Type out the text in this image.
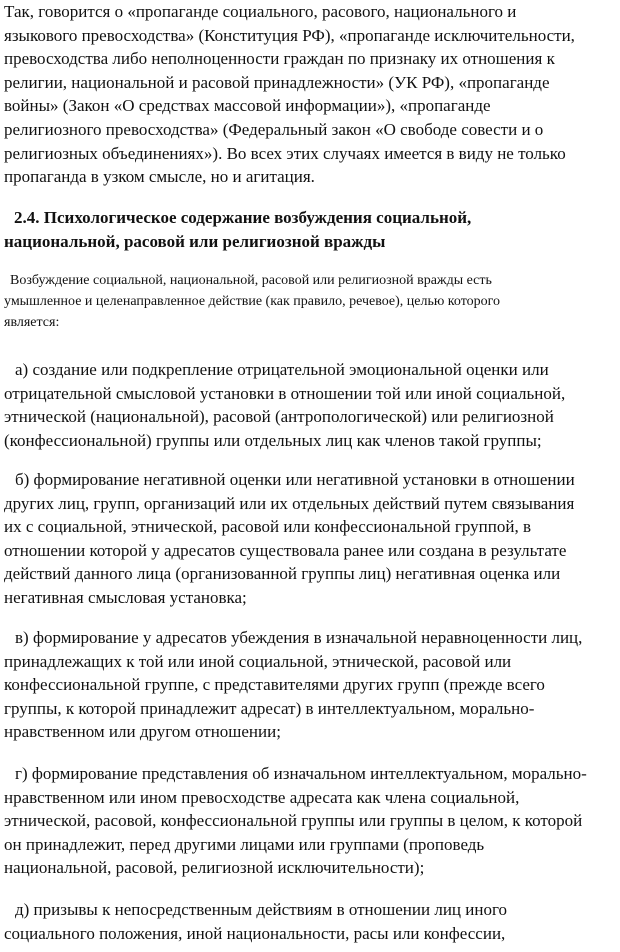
Так, говорится о «пропаганде социального, расового, национального и
языкового превосходства» (Конституция РФ), «пропаганде исключительности,
превосходства либо неполноценности граждан по признаку их отношения к
религии, национальной и расовой принадлежности» (УК РФ), «пропаганде
войны» (Закон «О средствах массовой информации»), «пропаганде
религиозного превосходства» (Федеральный закон «О свободе совести и о
религиозных объединениях»). Во всех этих случаях имеется в виду не только
пропаганда в узком смысле, но и агитация.

2.4. Психологическое содержание возбуждения социальной,
национальной, расовой или религиозной вражды

Возбуждение социальной, национальной, расовой или религиозной вражды есть
умышленное и целенаправленное действие (как правило, речевое), целью которого
является:

а) создание или подкрепление отрицательной эмоциональной оценки или
отрицательной смысловой установки в отношении той или иной социальной,
этнической (национальной), расовой (антропологической) или религиозной
(конфессиональной) группы или отдельных лиц как членов такой группы;

б) формирование негативной оценки или негативной установки в отношении
других лиц, групп, организаций или их отдельных действий путем связывания
их с социальной, этнической, расовой или конфессиональной группой, в
отношении которой у адресатов существовала ранее или создана в результате
действий данного лица (организованной группы лиц) негативная оценка или
негативная смысловая установка;

в) формирование у адресатов убеждения в изначальной неравноценности лиц,
принадлежащих к той или иной социальной, этнической, расовой или
конфессиональной группе, с представителями других групп (прежде всего
группы, к которой принадлежит адресат) в интеллектуальном, морально-
нравственном или другом отношении;

г) формирование представления об изначальном интеллектуальном, морально-
нравственном или ином превосходстве адресата как члена социальной,
этнической, расовой, конфессиональной группы или группы в целом, к которой
он принадлежит, перед другими лицами или группами (проповедь
национальной, расовой, религиозной исключительности);

д) призывы к непосредственным действиям в отношении лиц иного
социального положения, иной национальности, расы или конфессии,
